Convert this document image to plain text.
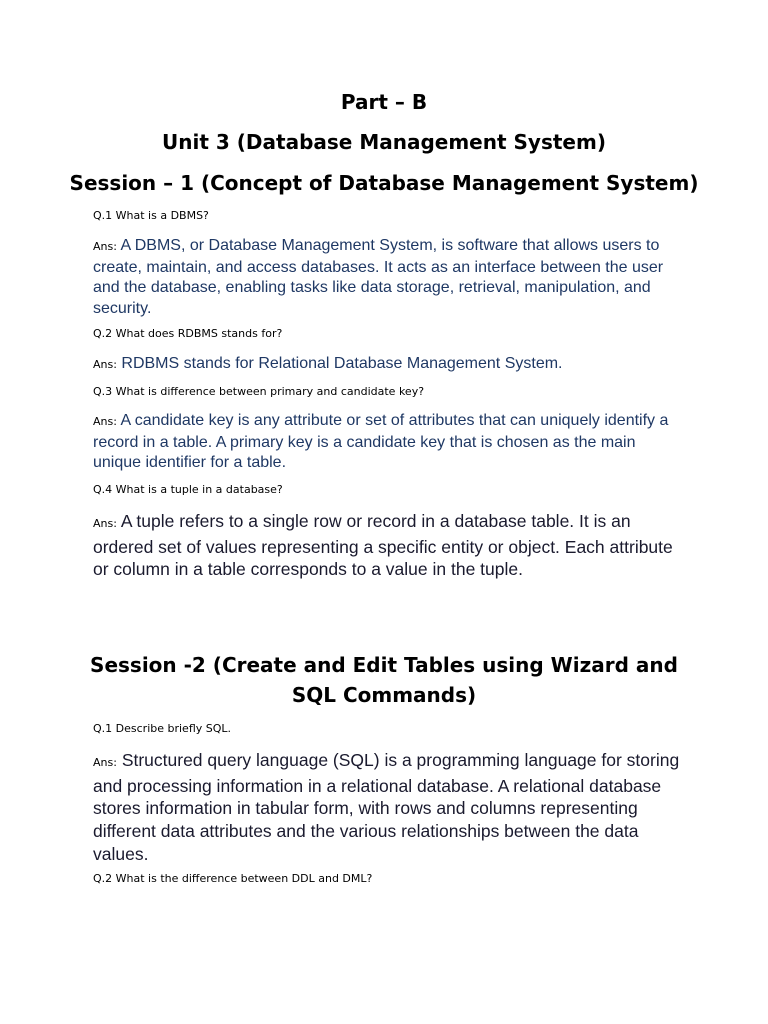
Part – B
Unit 3 (Database Management System)
Session – 1 (Concept of Database Management System)

Q.1 What is a DBMS?

Ans: A DBMS, or Database Management System, is software that allows users to create, maintain, and access databases. It acts as an interface between the user and the database, enabling tasks like data storage, retrieval, manipulation, and security.

Q.2 What does RDBMS stands for?

Ans: RDBMS stands for Relational Database Management System.

Q.3 What is difference between primary and candidate key?

Ans: A candidate key is any attribute or set of attributes that can uniquely identify a record in a table. A primary key is a candidate key that is chosen as the main unique identifier for a table.

Q.4 What is a tuple in a database?

Ans: A tuple refers to a single row or record in a database table. It is an ordered set of values representing a specific entity or object. Each attribute or column in a table corresponds to a value in the tuple.

Session -2 (Create and Edit Tables using Wizard and SQL Commands)

Q.1 Describe briefly SQL.

Ans: Structured query language (SQL) is a programming language for storing and processing information in a relational database. A relational database stores information in tabular form, with rows and columns representing different data attributes and the various relationships between the data values.

Q.2 What is the difference between DDL and DML?
